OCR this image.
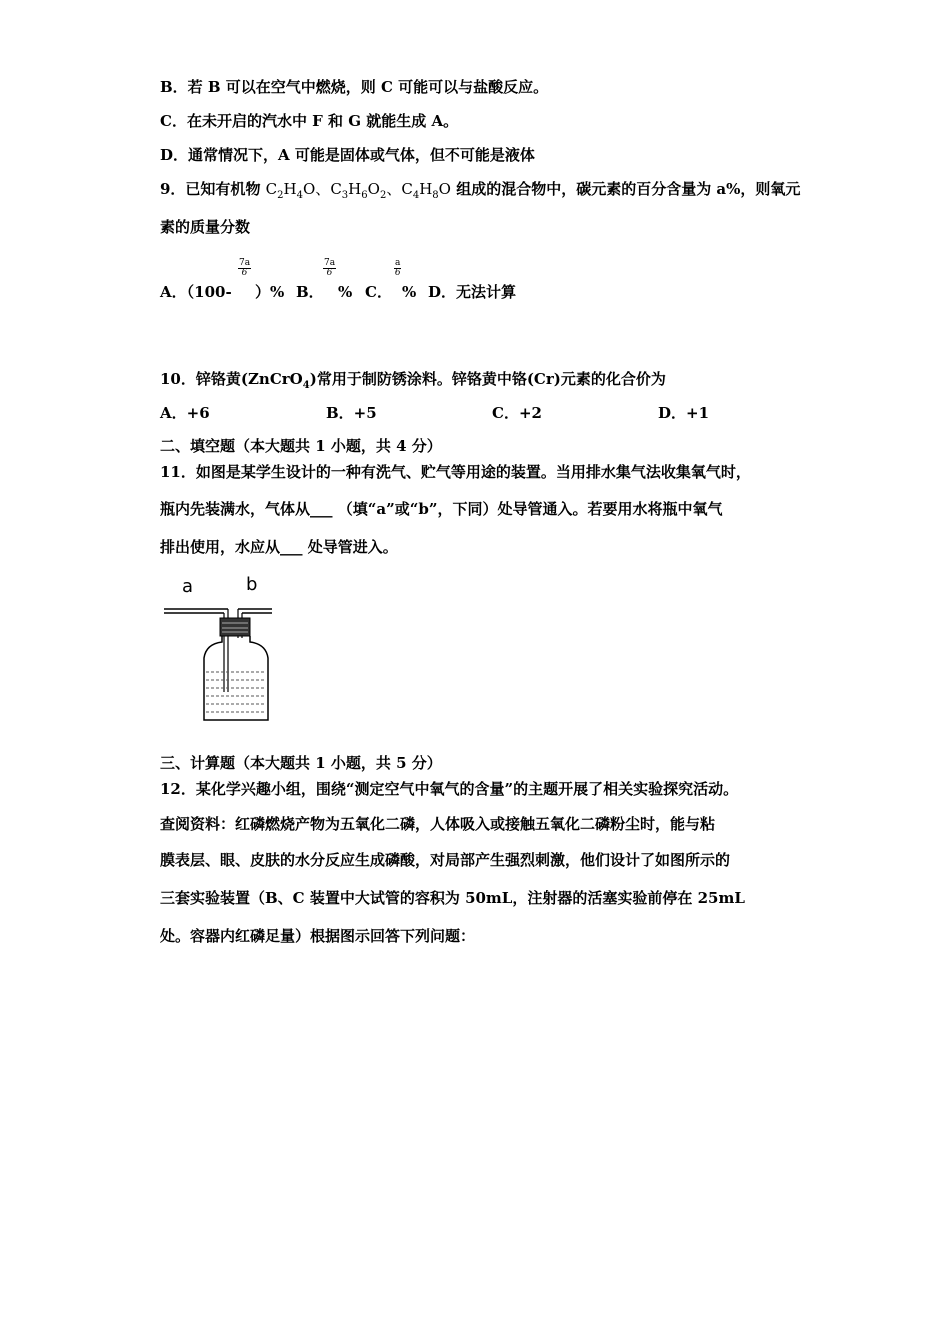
B．若 B 可以在空气中燃烧，则 C 可能可以与盐酸反应。
C．在未开启的汽水中 F 和 G 就能生成 A。
D．通常情况下，A 可能是固体或气体，但不可能是液体
9．已知有机物 $C_2H_4O$、$C_3H_6O_2$、$C_4H_8O$ 组成的混合物中，碳元素的百分含量为 a%，则氧元
素的质量分数
A．（100-
$\frac{7a}{6}$
）% B．
$\frac{7a}{6}$
% C．
$\frac{a}{6}$
% D．无法计算
10．锌铬黄(ZnCrO$_4$)常用于制防锈涂料。锌铬黄中铬(Cr)元素的化合价为
A．+6	B．+5	C．+2	D．+1
二、填空题（本大题共 1 小题，共 4 分）
11．如图是某学生设计的一种有洗气、贮气等用途的装置。当用排水集气法收集氧气时，
瓶内先装满水，气体从___ （填“a”或“b”，下同）处导管通入。若要用水将瓶中氧气
排出使用，水应从___ 处导管进入。
a	b
三、计算题（本大题共 1 小题，共 5 分）
12．某化学兴趣小组，围绕“测定空气中氧气的含量”的主题开展了相关实验探究活动。
查阅资料：红磷燃烧产物为五氧化二磷，人体吸入或接触五氧化二磷粉尘时，能与粘
膜表层、眼、皮肤的水分反应生成磷酸，对局部产生强烈刺激，他们设计了如图所示的
三套实验装置（B、C 装置中大试管的容积为 50mL，注射器的活塞实验前停在 25mL
处。容器内红磷足量）根据图示回答下列问题：
